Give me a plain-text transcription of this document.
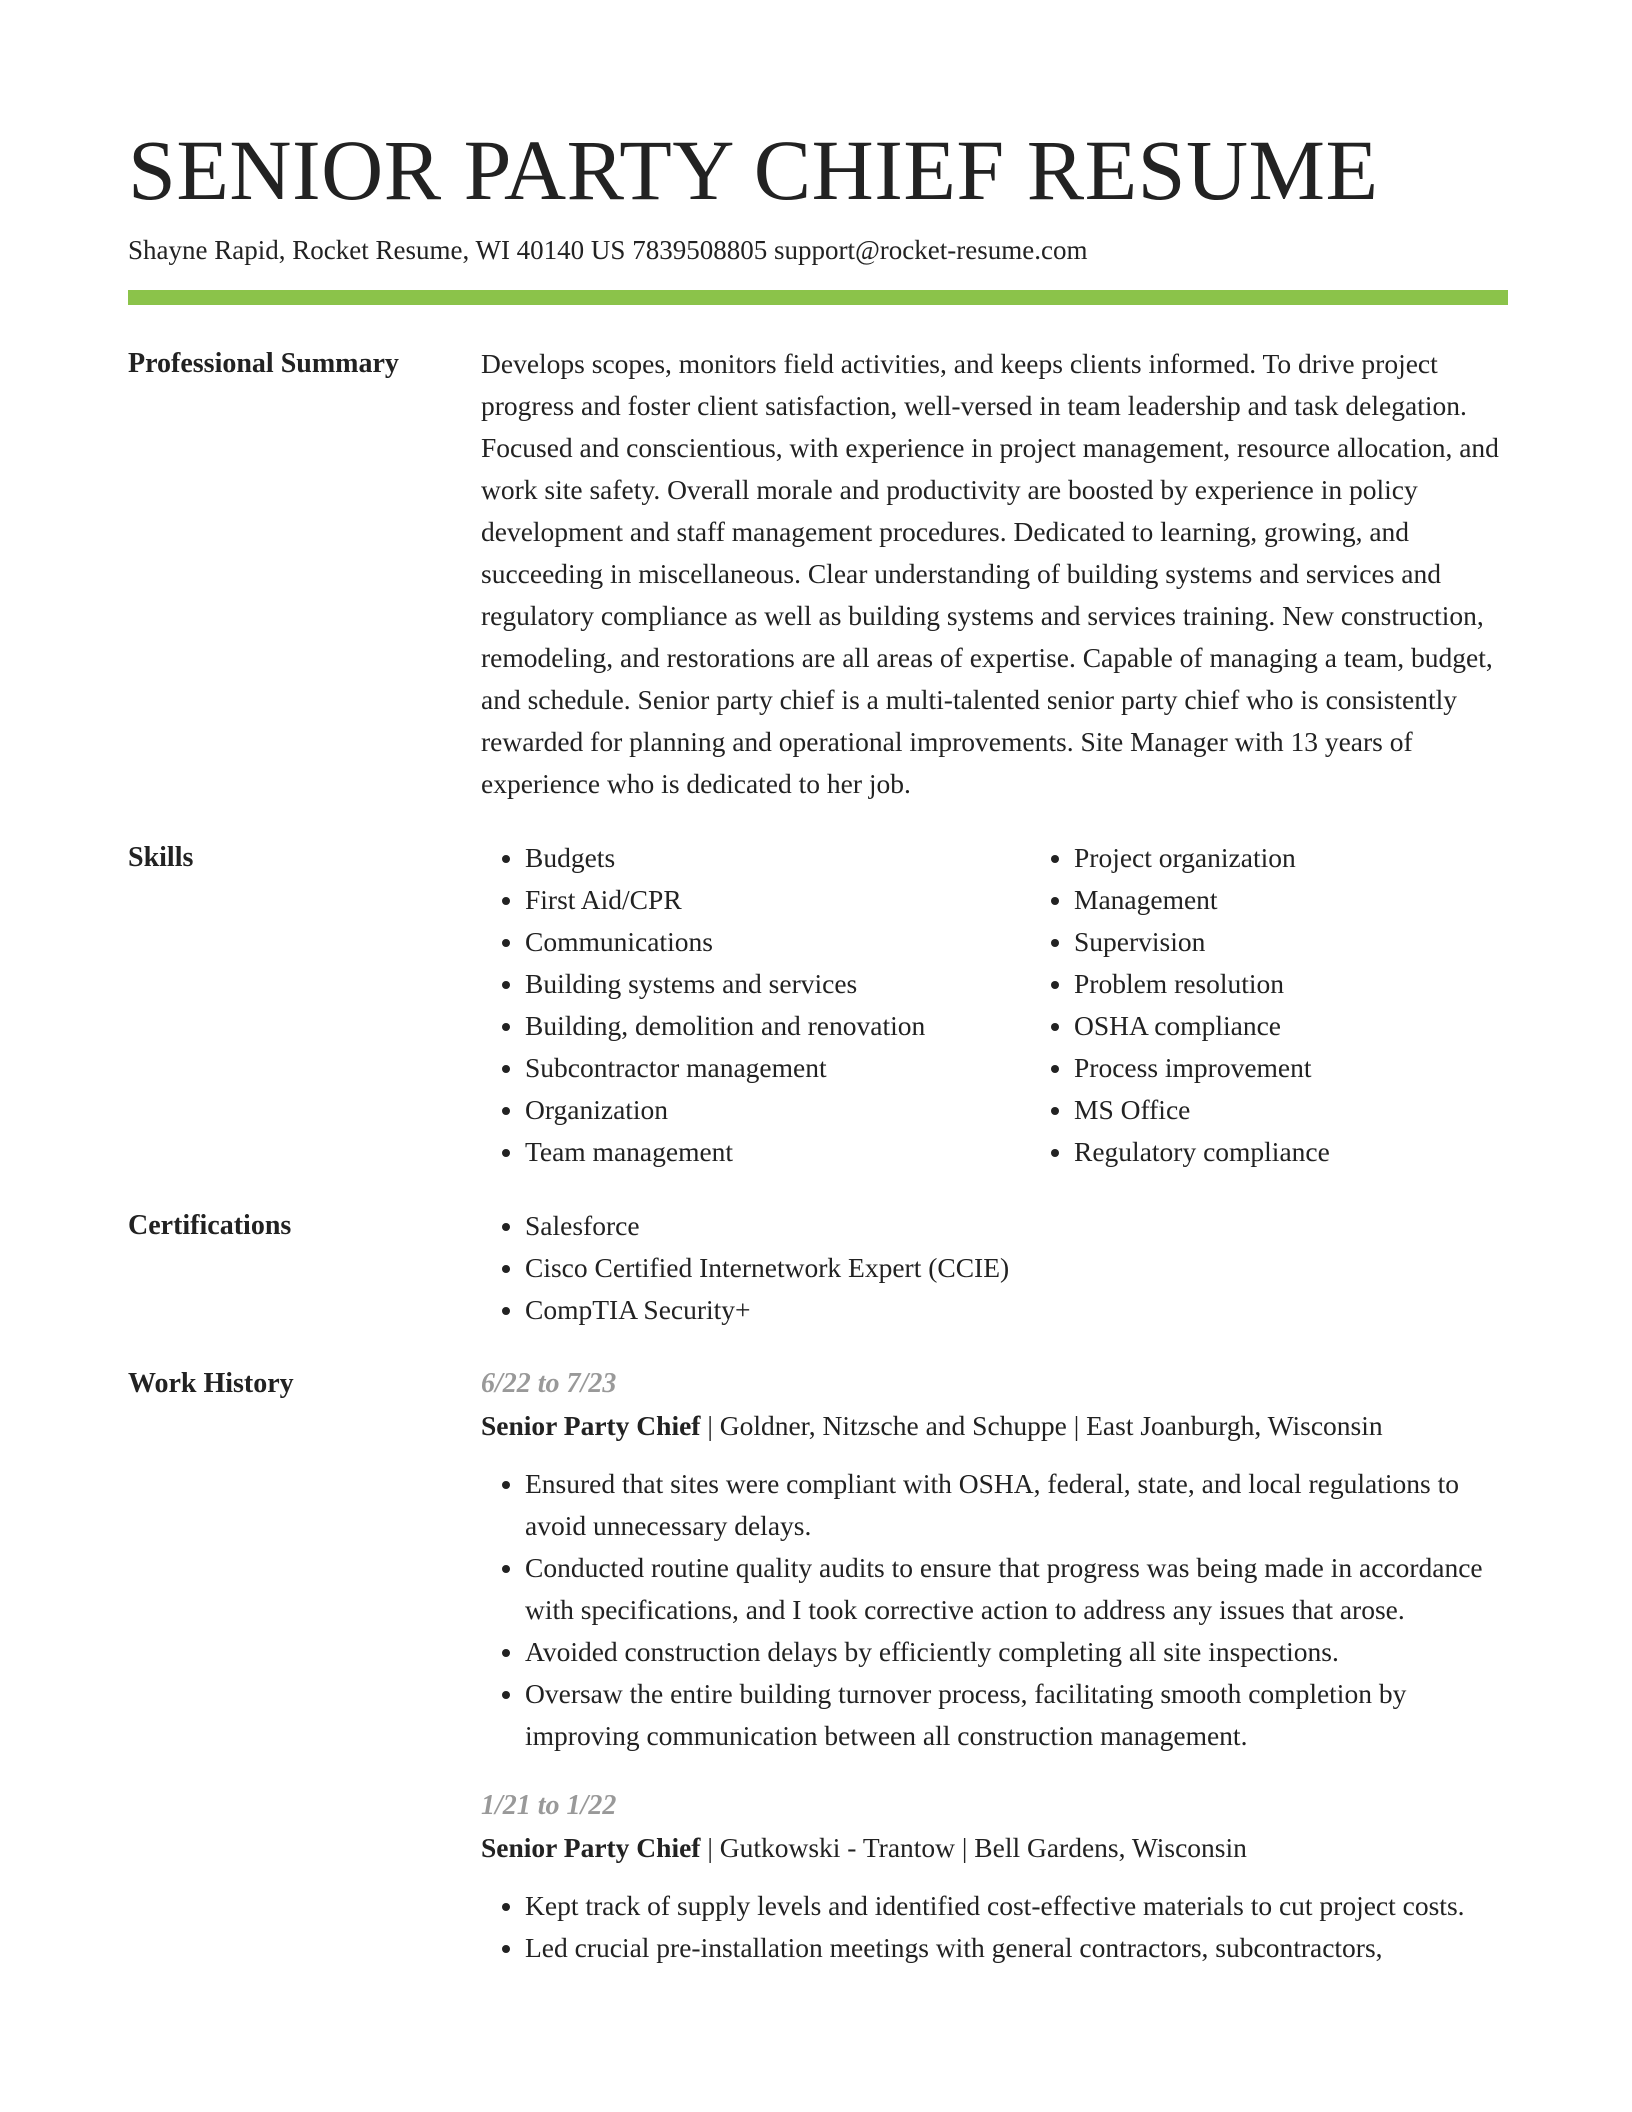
SENIOR PARTY CHIEF RESUME
Shayne Rapid, Rocket Resume, WI 40140 US 7839508805 support@rocket-resume.com
Professional Summary	Develops scopes, monitors field activities, and keeps clients informed. To drive project progress and foster client satisfaction, well-versed in team leadership and task delegation. Focused and conscientious, with experience in project management, resource allocation, and work site safety. Overall morale and productivity are boosted by experience in policy development and staff management procedures. Dedicated to learning, growing, and succeeding in miscellaneous. Clear understanding of building systems and services and regulatory compliance as well as building systems and services training. New construction, remodeling, and restorations are all areas of expertise. Capable of managing a team, budget, and schedule. Senior party chief is a multi-talented senior party chief who is consistently rewarded for planning and operational improvements. Site Manager with 13 years of experience who is dedicated to her job.

Skills	• Budgets
• First Aid/CPR
• Communications
• Building systems and services
• Building, demolition and renovation
• Subcontractor management
• Organization
• Team management
• Project organization
• Management
• Supervision
• Problem resolution
• OSHA compliance
• Process improvement
• MS Office
• Regulatory compliance
Certifications	• Salesforce
• Cisco Certified Internetwork Expert (CCIE)
• CompTIA Security+
Work History	6/22 to 7/23
Senior Party Chief | Goldner, Nitzsche and Schuppe | East Joanburgh, Wisconsin
• Ensured that sites were compliant with OSHA, federal, state, and local regulations to avoid unnecessary delays.
• Conducted routine quality audits to ensure that progress was being made in accordance with specifications, and I took corrective action to address any issues that arose.
• Avoided construction delays by efficiently completing all site inspections.
• Oversaw the entire building turnover process, facilitating smooth completion by improving communication between all construction management.
1/21 to 1/22
Senior Party Chief | Gutkowski - Trantow | Bell Gardens, Wisconsin
• Kept track of supply levels and identified cost-effective materials to cut project costs.
• Led crucial pre-installation meetings with general contractors, subcontractors,
